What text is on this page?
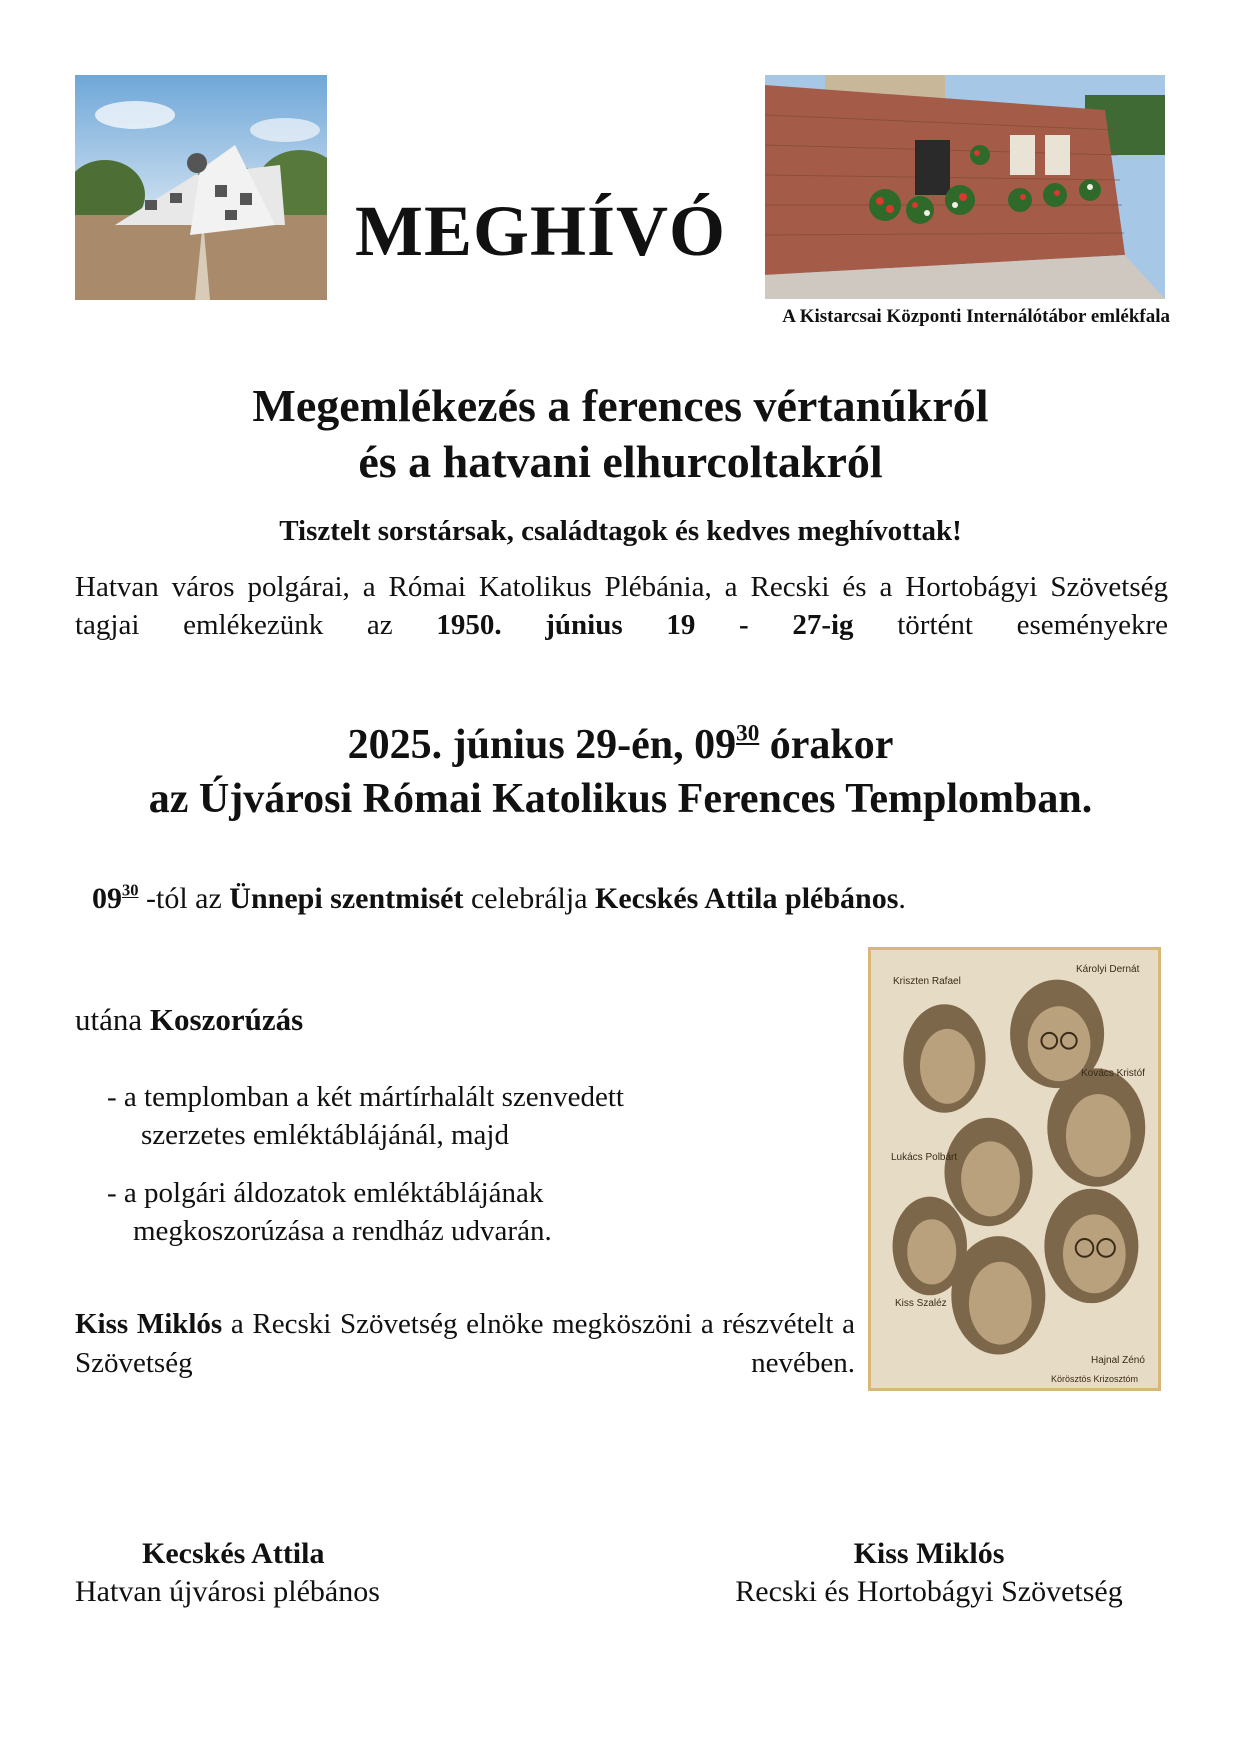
MEGHÍVÓ
A Kistarcsai Központi Internálótábor emlékfala
Megemlékezés a ferences vértanúkról
és a hatvani elhurcoltakról
Tisztelt sorstársak, családtagok és kedves meghívottak!
Hatvan város polgárai, a Római Katolikus Plébánia, a Recski és a Hortobágyi Szövetség tagjai emlékezünk az 1950. június 19 - 27-ig történt eseményekre
2025. június 29-én, $09^{30}$ órakor
az Újvárosi Római Katolikus Ferences Templomban.
$09^{30}$ -tól az Ünnepi szentmisét celebrálja Kecskés Attila plébános.
utána Koszorúzás
- a templomban a két mártírhalált szenvedett
szerzetes emléktáblájánál, majd
- a polgári áldozatok emléktáblájának
megkoszorúzása a rendház udvarán.
Kiss Miklós a Recski Szövetség elnöke megköszöni a részvételt a Szövetség nevében.
Kriszten Rafael
Károlyi Dernát
Kovács Kristóf
Lukács Polbárt
Kiss Szaléz
Hajnal Zénó
Körösztös Krizosztóm
Kecskés Attila
Hatvan újvárosi plébános
Kiss Miklós
Recski és Hortobágyi Szövetség
